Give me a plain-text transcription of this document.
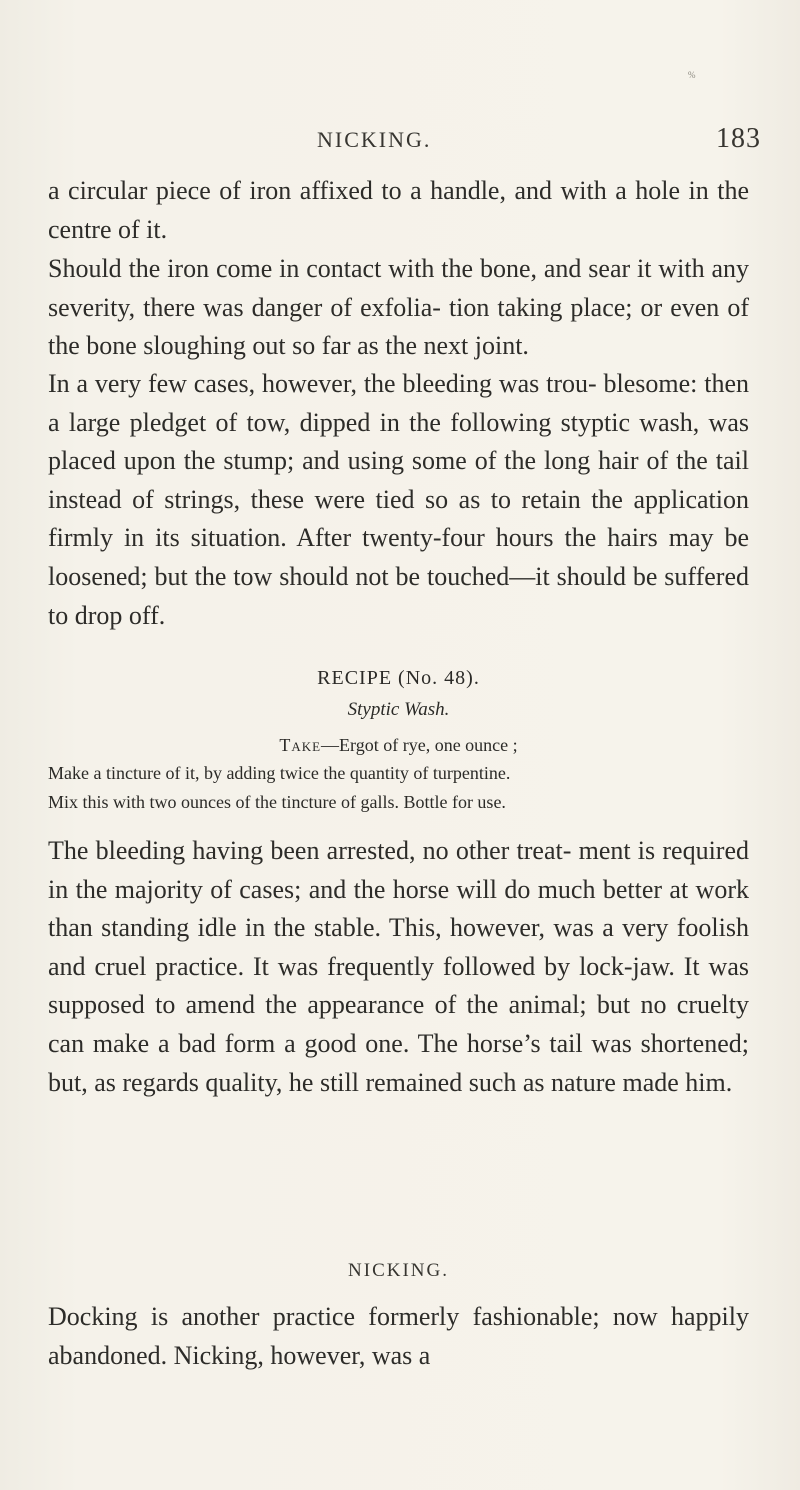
NICKING.	183
%

a circular piece of iron affixed to a handle, and with a hole in the centre of it.

Should the iron come in contact with the bone, and sear it with any severity, there was danger of exfolia- tion taking place; or even of the bone sloughing out so far as the next joint.

In a very few cases, however, the bleeding was trou- blesome: then a large pledget of tow, dipped in the following styptic wash, was placed upon the stump; and using some of the long hair of the tail instead of strings, these were tied so as to retain the application firmly in its situation. After twenty-four hours the hairs may be loosened; but the tow should not be touched—it should be suffered to drop off.

RECIPE (No. 48).
Styptic Wash.
Take—Ergot of rye, one ounce ;
Make a tincture of it, by adding twice the quantity of turpentine.
Mix this with two ounces of the tincture of galls. Bottle for use.

The bleeding having been arrested, no other treat- ment is required in the majority of cases; and the horse will do much better at work than standing idle in the stable. This, however, was a very foolish and cruel practice. It was frequently followed by lock-jaw. It was supposed to amend the appearance of the animal; but no cruelty can make a bad form a good one. The horse’s tail was shortened; but, as regards quality, he still remained such as nature made him.

NICKING.

Docking is another practice formerly fashionable; now happily abandoned. Nicking, however, was a
